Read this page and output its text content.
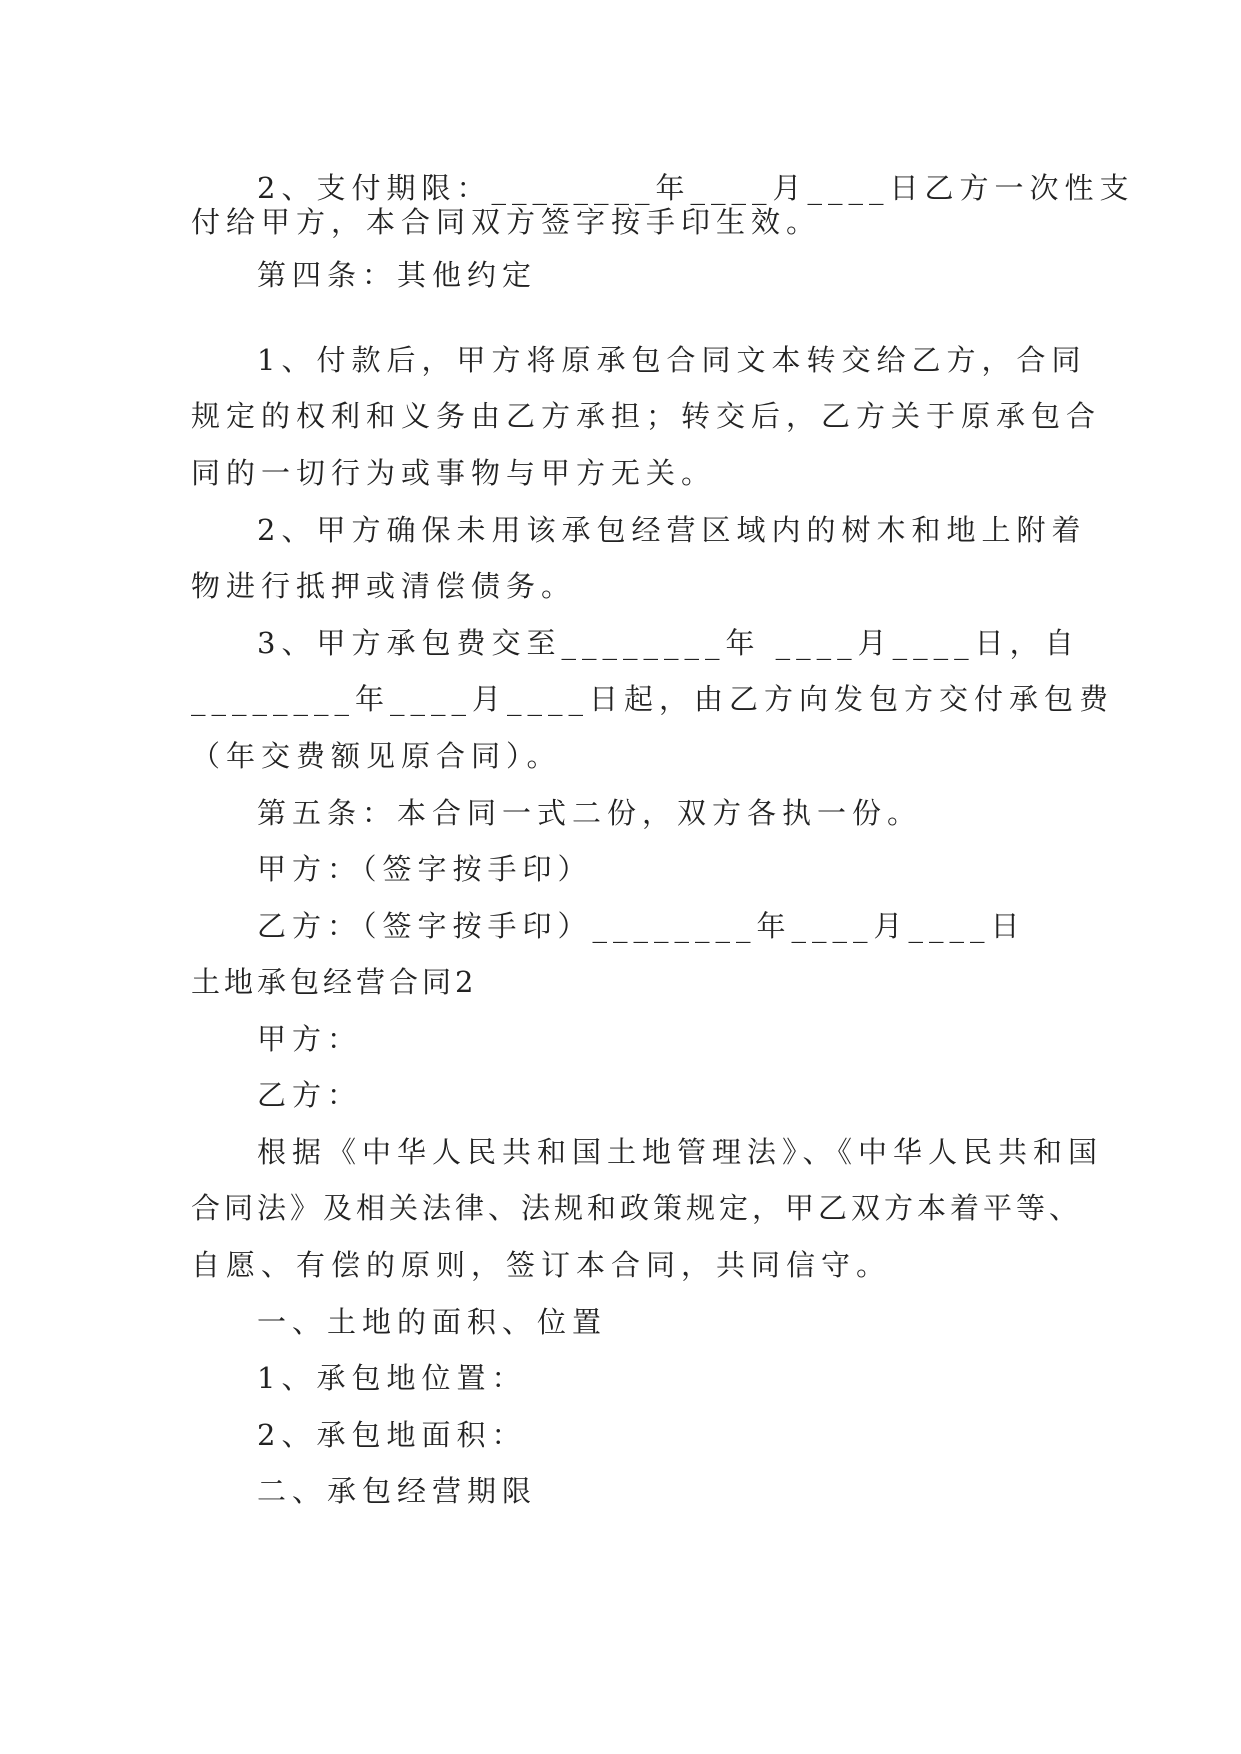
2、支付期限：________年____月____日乙方一次性支
付给甲方，本合同双方签字按手印生效。
第四条：其他约定
1、付款后，甲方将原承包合同文本转交给乙方，合同
规定的权利和义务由乙方承担；转交后，乙方关于原承包合
同的一切行为或事物与甲方无关。
2、甲方确保未用该承包经营区域内的树木和地上附着
物进行抵押或清偿债务。
3、甲方承包费交至________年 ____月____日，自
________年____月____日起，由乙方向发包方交付承包费
（年交费额见原合同）。
第五条：本合同一式二份，双方各执一份。
甲方：（签字按手印）
乙方：（签字按手印）________年____月____日
土地承包经营合同2
甲方：
乙方：
根据《中华人民共和国土地管理法》、《中华人民共和国
合同法》及相关法律、法规和政策规定，甲乙双方本着平等、
自愿、有偿的原则，签订本合同，共同信守。
一、土地的面积、位置
1、承包地位置：
2、承包地面积：
二、承包经营期限
